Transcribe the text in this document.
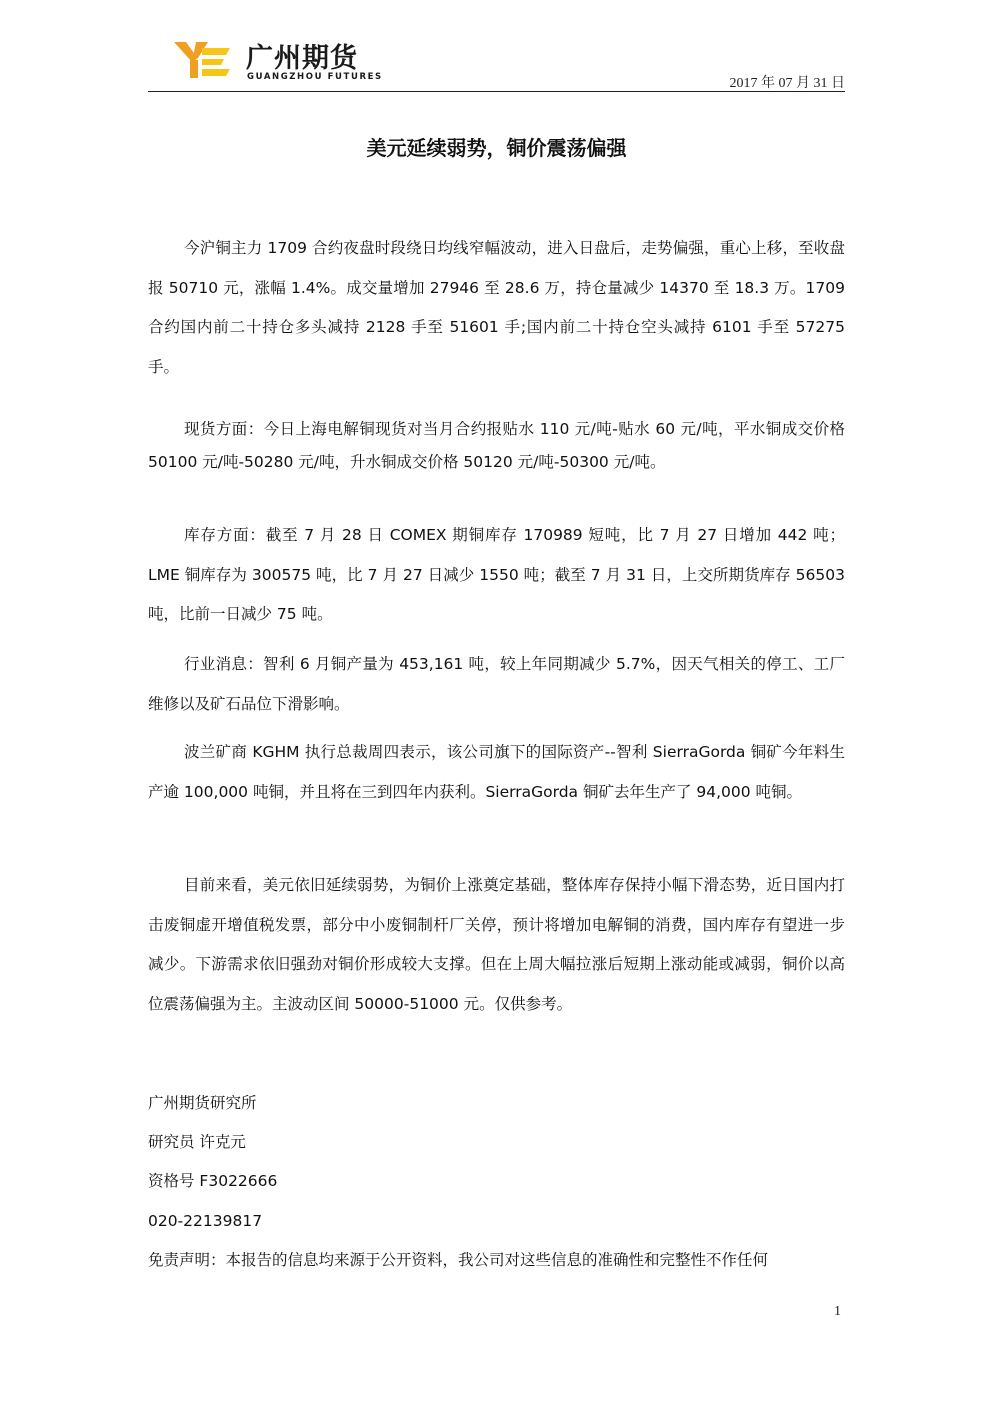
广州期货
GUANGZHOU FUTURES	2017 年 07 月 31 日
美元延续弱势，铜价震荡偏强

今沪铜主力 1709 合约夜盘时段绕日均线窄幅波动，进入日盘后，走势偏强，重心上移，至收盘报 50710 元，涨幅 1.4%。成交量增加 27946 至 28.6 万，持仓量减少 14370 至 18.3 万。1709 合约国内前二十持仓多头减持 2128 手至 51601 手;国内前二十持仓空头减持 6101 手至 57275 手。

现货方面：今日上海电解铜现货对当月合约报贴水 110 元/吨-贴水 60 元/吨，平水铜成交价格 50100 元/吨-50280 元/吨，升水铜成交价格 50120 元/吨-50300 元/吨。

库存方面：截至 7 月 28 日 COMEX 期铜库存 170989 短吨，比 7 月 27 日增加 442 吨；LME 铜库存为 300575 吨，比 7 月 27 日减少 1550 吨；截至 7 月 31 日，上交所期货库存 56503 吨，比前一日减少 75 吨。

行业消息：智利 6 月铜产量为 453,161 吨，较上年同期减少 5.7%，因天气相关的停工、工厂维修以及矿石品位下滑影响。

波兰矿商 KGHM 执行总裁周四表示，该公司旗下的国际资产--智利 SierraGorda 铜矿今年料生产逾 100,000 吨铜，并且将在三到四年内获利。SierraGorda 铜矿去年生产了 94,000 吨铜。

目前来看，美元依旧延续弱势，为铜价上涨奠定基础，整体库存保持小幅下滑态势，近日国内打击废铜虚开增值税发票，部分中小废铜制杆厂关停，预计将增加电解铜的消费，国内库存有望进一步减少。下游需求依旧强劲对铜价形成较大支撑。但在上周大幅拉涨后短期上涨动能或减弱，铜价以高位震荡偏强为主。主波动区间 50000-51000 元。仅供参考。

广州期货研究所
研究员 许克元
资格号 F3022666
020-22139817
免责声明：本报告的信息均来源于公开资料，我公司对这些信息的准确性和完整性不作任何
1
